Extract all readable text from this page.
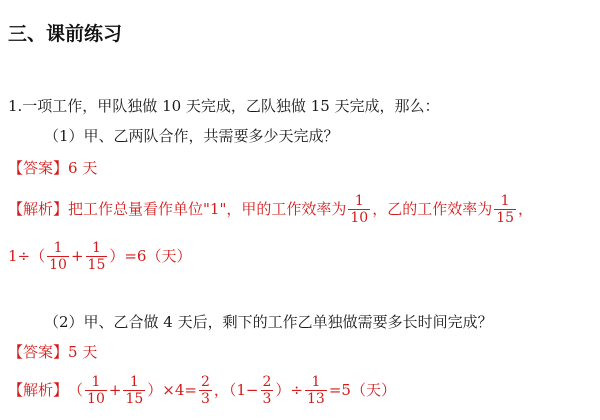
三、课前练习
1.一项工作，甲队独做 10 天完成，乙队独做 15 天完成，那么：
（1）甲、乙两队合作，共需要多少天完成？
【答案】6 天
【解析】 把工作总量看作单位"1"，甲的工作效率为 $\frac{1}{10}$ ，乙的工作效率为 $\frac{1}{15}$ ，
$1\div( \frac{1}{10} + \frac{1}{15} )=6$（天）
（2）甲、乙合做 4 天后，剩下的工作乙单独做需要多长时间完成？
【答案】5 天
【解析】 （ $\frac{1}{10} + \frac{1}{15} )\times 4= \frac{2}{3}$ ，（$1- \frac{2}{3}$ ）÷ $\frac{1}{13} =5$（天）
